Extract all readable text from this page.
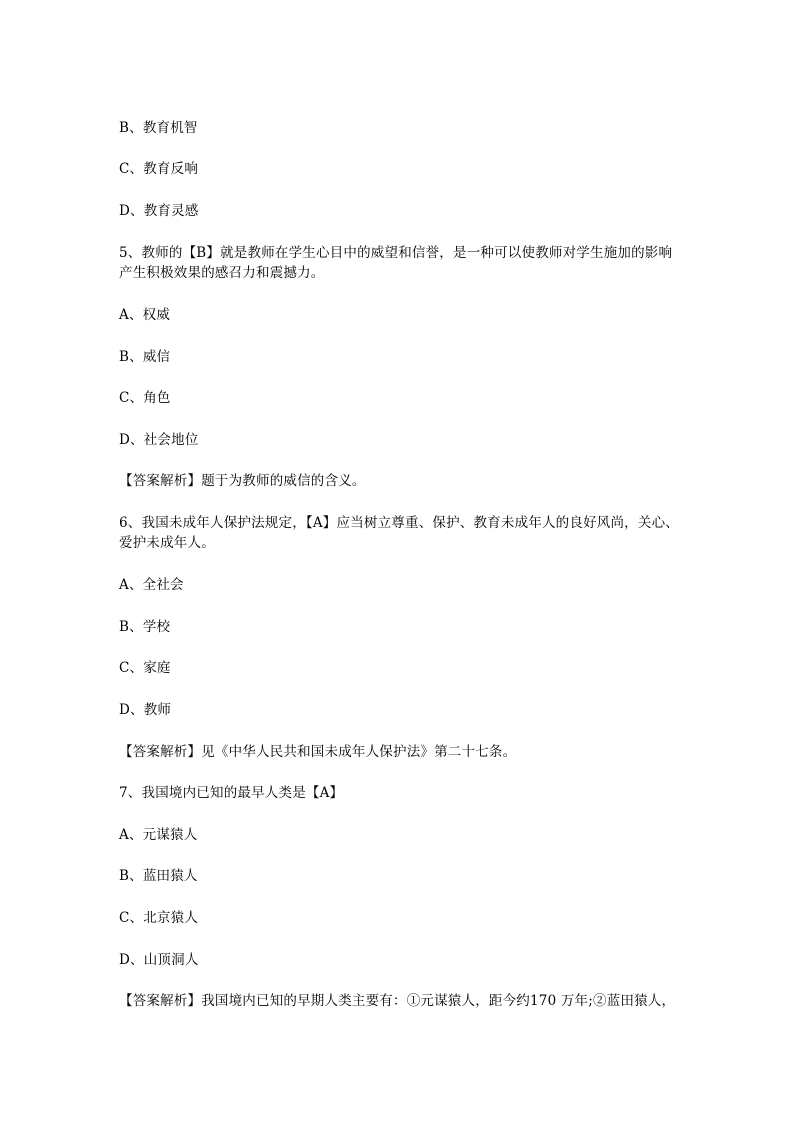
B、教育机智
C、教育反响
D、教育灵感
5、教师的【B】就是教师在学生心目中的威望和信誉，是一种可以使教师对学生施加的影响产生积极效果的感召力和震撼力。
A、权威
B、威信
C、角色
D、社会地位
【答案解析】题于为教师的威信的含义。
6、我国未成年人保护法规定，【A】应当树立尊重、保护、教育未成年人的良好风尚，关心、爱护未成年人。
A、全社会
B、学校
C、家庭
D、教师
【答案解析】见《中华人民共和国未成年人保护法》第二十七条。
7、我国境内已知的最早人类是【A】
A、元谋猿人
B、蓝田猿人
C、北京猿人
D、山顶洞人
【答案解析】我国境内已知的早期人类主要有：①元谋猿人，距今约170 万年;②蓝田猿人，
